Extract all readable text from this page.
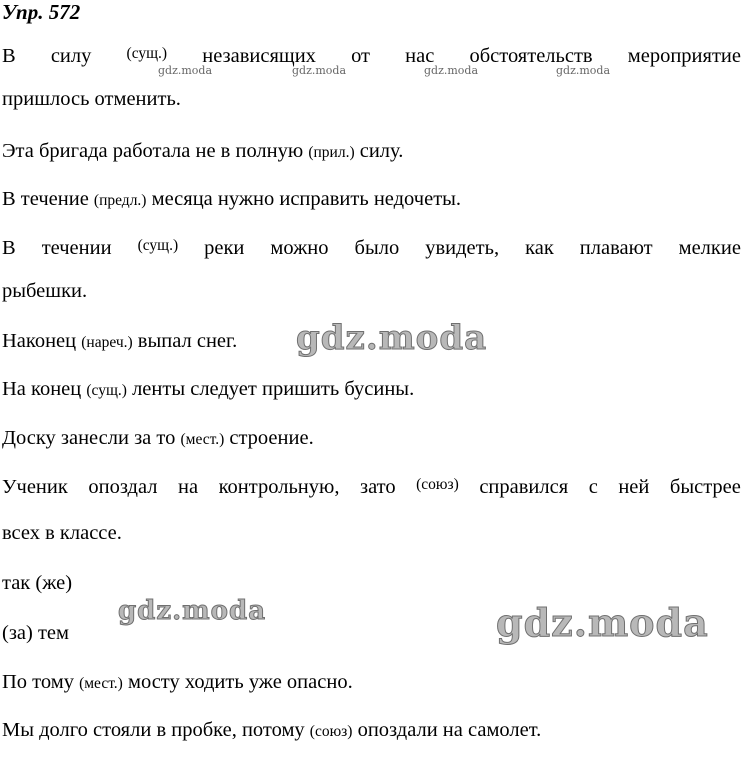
Упр. 572
В силу (сущ.) независящих от нас обстоятельств мероприятие
gdz.moda	gdz.moda	gdz.moda	gdz.moda
пришлось отменить.
Эта бригада работала не в полную (прил.) силу.
В течение (предл.) месяца нужно исправить недочеты.
В течении (сущ.) реки можно было увидеть, как плавают мелкие
рыбешки.
Наконец (нареч.) выпал снег.	gdz.moda
На конец (сущ.) ленты следует пришить бусины.
Доску занесли за то (мест.) строение.
Ученик опоздал на контрольную, зато (союз) справился с ней быстрее
всех в классе.
так (же)
gdz.moda	gdz.moda
(за) тем
По тому (мест.) мосту ходить уже опасно.
Мы долго стояли в пробке, потому (союз) опоздали на самолет.
